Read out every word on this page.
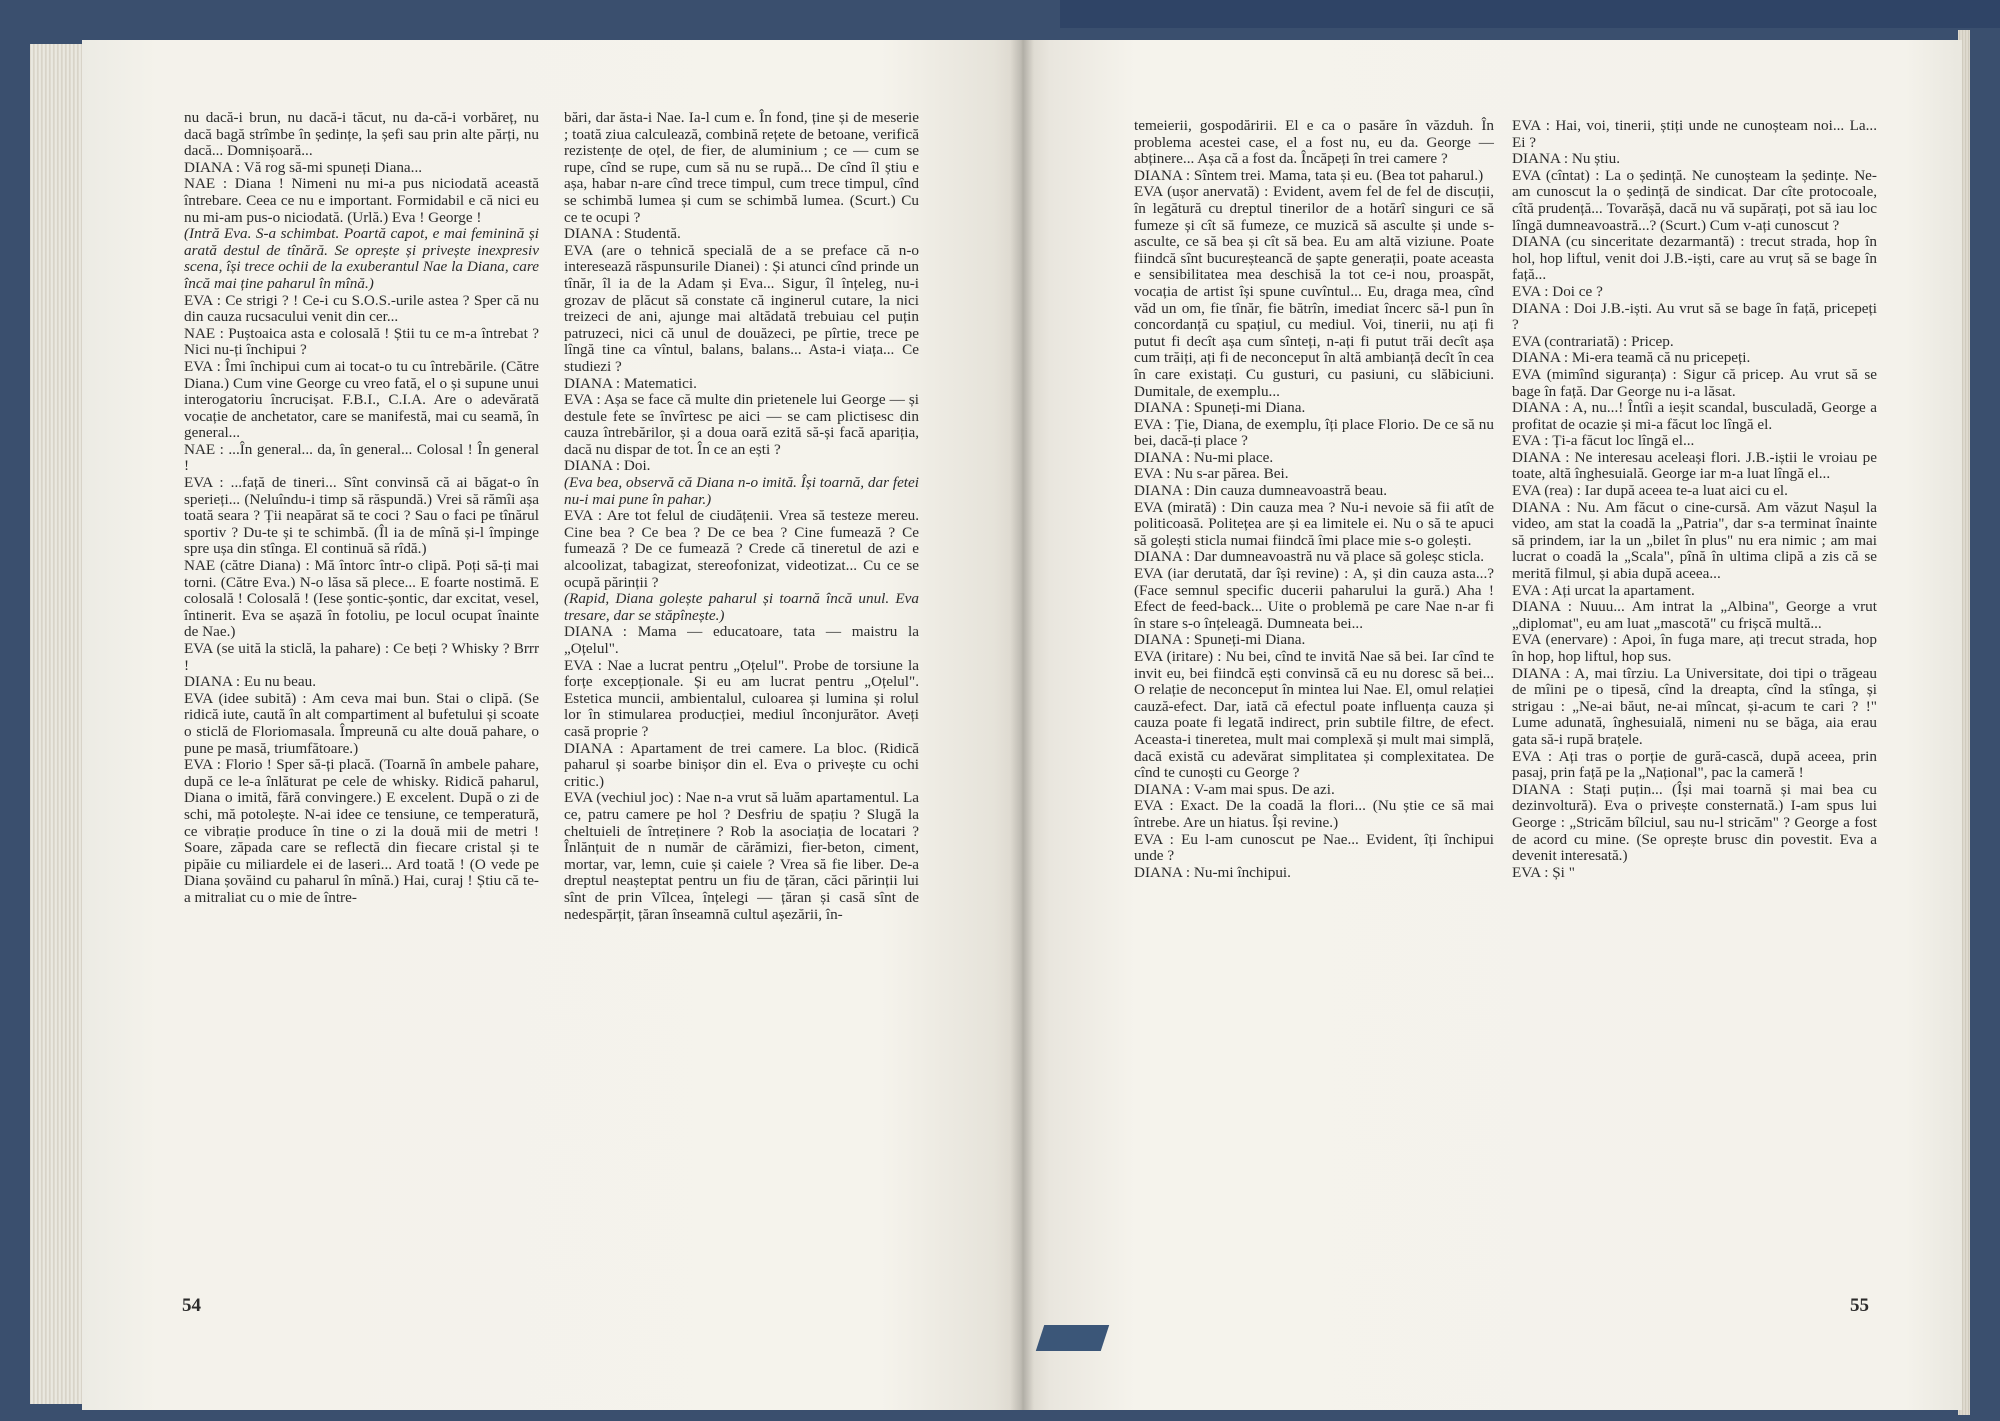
nu dacă-i brun, nu dacă-i tăcut, nu da-că-i vorbăreț, nu dacă bagă strîmbe în ședințe, la șefi sau prin alte părți, nu dacă... Domnișoară...

DIANA : Vă rog să-mi spuneți Diana...

NAE : Diana ! Nimeni nu mi-a pus niciodată această întrebare. Ceea ce nu e important. Formidabil e că nici eu nu mi-am pus-o niciodată. (Urlă.) Eva ! George !

(Intră Eva. S-a schimbat. Poartă capot, e mai feminină și arată destul de tînără. Se oprește și privește inexpresiv scena, își trece ochii de la exuberantul Nae la Diana, care încă mai ține paharul în mînă.)

EVA : Ce strigi ? ! Ce-i cu S.O.S.-urile astea ? Sper că nu din cauza rucsacului venit din cer...

NAE : Puștoaica asta e colosală ! Știi tu ce m-a întrebat ? Nici nu-ți închipui ?

EVA : Îmi închipui cum ai tocat-o tu cu întrebările. (Către Diana.) Cum vine George cu vreo fată, el o și supune unui interogatoriu încrucișat. F.B.I., C.I.A. Are o adevărată vocație de anchetator, care se manifestă, mai cu seamă, în general...

NAE : ...În general... da, în general... Colosal ! În general !

EVA : ...față de tineri... Sînt convinsă că ai băgat-o în sperieți... (Neluîndu-i timp să răspundă.) Vrei să rămîi așa toată seara ? Ții neapărat să te coci ? Sau o faci pe tînărul sportiv ? Du-te și te schimbă. (Îl ia de mînă și-l împinge spre ușa din stînga. El continuă să rîdă.)

NAE (către Diana) : Mă întorc într-o clipă. Poți să-ți mai torni. (Către Eva.) N-o lăsa să plece... E foarte nostimă. E colosală ! Colosală ! (Iese șontic-șontic, dar excitat, vesel, întinerit. Eva se așază în fotoliu, pe locul ocupat înainte de Nae.)

EVA (se uită la sticlă, la pahare) : Ce beți ? Whisky ? Brrr !

DIANA : Eu nu beau.

EVA (idee subită) : Am ceva mai bun. Stai o clipă. (Se ridică iute, caută în alt compartiment al bufetului și scoate o sticlă de Floriomasala. Împreună cu alte două pahare, o pune pe masă, triumfătoare.)

EVA : Florio ! Sper să-ți placă. (Toarnă în ambele pahare, după ce le-a înlăturat pe cele de whisky. Ridică paharul, Diana o imită, fără convingere.) E excelent. După o zi de schi, mă potolește. N-ai idee ce tensiune, ce temperatură, ce vibrație produce în tine o zi la două mii de metri ! Soare, zăpada care se reflectă din fiecare cristal și te pipăie cu miliardele ei de laseri... Ard toată ! (O vede pe Diana șovăind cu paharul în mînă.) Hai, curaj ! Știu că te-a mitraliat cu o mie de între-

bări, dar ăsta-i Nae. Ia-l cum e. În fond, ține și de meserie ; toată ziua calculează, combină rețete de betoane, verifică rezistențe de oțel, de fier, de aluminium ; ce — cum se rupe, cînd se rupe, cum să nu se rupă... De cînd îl știu e așa, habar n-are cînd trece timpul, cum trece timpul, cînd se schimbă lumea și cum se schimbă lumea. (Scurt.) Cu ce te ocupi ?

DIANA : Studentă.

EVA (are o tehnică specială de a se preface că n-o interesează răspunsurile Dianei) : Și atunci cînd prinde un tînăr, îl ia de la Adam și Eva... Sigur, îl înțeleg, nu-i grozav de plăcut să constate că inginerul cutare, la nici treizeci de ani, ajunge mai altădată trebuiau cel puțin patruzeci, nici că unul de douăzeci, pe pîrtie, trece pe lîngă tine ca vîntul, balans, balans... Asta-i viața... Ce studiezi ?

DIANA : Matematici.

EVA : Așa se face că multe din prietenele lui George — și destule fete se învîrtesc pe aici — se cam plictisesc din cauza întrebărilor, și a doua oară ezită să-și facă apariția, dacă nu dispar de tot. În ce an ești ?

DIANA : Doi.

(Eva bea, observă că Diana n-o imită. Își toarnă, dar fetei nu-i mai pune în pahar.)

EVA : Are tot felul de ciudățenii. Vrea să testeze mereu. Cine bea ? Ce bea ? De ce bea ? Cine fumează ? Ce fumează ? De ce fumează ? Crede că tineretul de azi e alcoolizat, tabagizat, stereofonizat, videotizat... Cu ce se ocupă părinții ?

(Rapid, Diana golește paharul și toarnă încă unul. Eva tresare, dar se stăpînește.)

DIANA : Mama — educatoare, tata — maistru la „Oțelul".

EVA : Nae a lucrat pentru „Oțelul". Probe de torsiune la forțe excepționale. Și eu am lucrat pentru „Oțelul". Estetica muncii, ambientalul, culoarea și lumina și rolul lor în stimularea producției, mediul înconjurător. Aveți casă proprie ?

DIANA : Apartament de trei camere. La bloc. (Ridică paharul și soarbe binișor din el. Eva o privește cu ochi critic.)

EVA (vechiul joc) : Nae n-a vrut să luăm apartamentul. La ce, patru camere pe hol ? Desfriu de spațiu ? Slugă la cheltuieli de întreținere ? Rob la asociația de locatari ? Înlănțuit de n număr de cărămizi, fier-beton, ciment, mortar, var, lemn, cuie și caiele ? Vrea să fie liber. De-a dreptul neașteptat pentru un fiu de țăran, căci părinții lui sînt de prin Vîlcea, înțelegi — țăran și casă sînt de nedespărțit, țăran înseamnă cultul așezării, în-

54

temeierii, gospodăririi. El e ca o pasăre în văzduh. În problema acestei case, el a fost nu, eu da. George — abținere... Așa că a fost da. Încăpeți în trei camere ?

DIANA : Sîntem trei. Mama, tata și eu. (Bea tot paharul.)

EVA (ușor anervată) : Evident, avem fel de fel de discuții, în legătură cu dreptul tinerilor de a hotărî singuri ce să fumeze și cît să fumeze, ce muzică să asculte și unde s-asculte, ce să bea și cît să bea. Eu am altă viziune. Poate fiindcă sînt bucureșteancă de șapte generații, poate aceasta e sensibilitatea mea deschisă la tot ce-i nou, proaspăt, vocația de artist își spune cuvîntul... Eu, draga mea, cînd văd un om, fie tînăr, fie bătrîn, imediat încerc să-l pun în concordanță cu spațiul, cu mediul. Voi, tinerii, nu ați fi putut fi decît așa cum sînteți, n-ați fi putut trăi decît așa cum trăiți, ați fi de neconceput în altă ambianță decît în cea în care existați. Cu gusturi, cu pasiuni, cu slăbiciuni. Dumitale, de exemplu...

DIANA : Spuneți-mi Diana.

EVA : Ție, Diana, de exemplu, îți place Florio. De ce să nu bei, dacă-ți place ?

DIANA : Nu-mi place.

EVA : Nu s-ar părea. Bei.

DIANA : Din cauza dumneavoastră beau.

EVA (mirată) : Din cauza mea ? Nu-i nevoie să fii atît de politicoasă. Politețea are și ea limitele ei. Nu o să te apuci să golești sticla numai fiindcă îmi place mie s-o golești.

DIANA : Dar dumneavoastră nu vă place să goleșc sticla.

EVA (iar derutată, dar își revine) : A, și din cauza asta...? (Face semnul specific ducerii paharului la gură.) Aha ! Efect de feed-back... Uite o problemă pe care Nae n-ar fi în stare s-o înțeleagă. Dumneata bei...

DIANA : Spuneți-mi Diana.

EVA (iritare) : Nu bei, cînd te invită Nae să bei. Iar cînd te invit eu, bei fiindcă ești convinsă că eu nu doresc să bei... O relație de neconceput în mintea lui Nae. El, omul relației cauză-efect. Dar, iată că efectul poate influența cauza și cauza poate fi legată indirect, prin subtile filtre, de efect. Aceasta-i tineretea, mult mai complexă și mult mai simplă, dacă există cu adevărat simplitatea și complexitatea. De cînd te cunoști cu George ?

DIANA : V-am mai spus. De azi.

EVA : Exact. De la coadă la flori... (Nu știe ce să mai întrebe. Are un hiatus. Își revine.)

EVA : Eu l-am cunoscut pe Nae... Evident, îți închipui unde ?

DIANA : Nu-mi închipui.

EVA : Hai, voi, tinerii, știți unde ne cunoșteam noi... La... Ei ?

DIANA : Nu știu.

EVA (cîntat) : La o ședință. Ne cunoșteam la ședințe. Ne-am cunoscut la o ședință de sindicat. Dar cîte protocoale, cîtă prudență... Tovarășă, dacă nu vă supărați, pot să iau loc lîngă dumneavoastră...? (Scurt.) Cum v-ați cunoscut ?

DIANA (cu sinceritate dezarmantă) : trecut strada, hop în hol, hop liftul, venit doi J.B.-iști, care au vruț să se bage în față...

EVA : Doi ce ?

DIANA : Doi J.B.-iști. Au vrut să se bage în față, pricepeți ?

EVA (contrariată) : Pricep.

DIANA : Mi-era teamă că nu pricepeți.

EVA (mimînd siguranța) : Sigur că pricep. Au vrut să se bage în față. Dar George nu i-a lăsat.

DIANA : A, nu...! Întîi a ieșit scandal, busculadă, George a profitat de ocazie și mi-a făcut loc lîngă el.

EVA : Ți-a făcut loc lîngă el...

DIANA : Ne interesau aceleași flori. J.B.-iștii le vroiau pe toate, altă înghesuială. George iar m-a luat lîngă el...

EVA (rea) : Iar după aceea te-a luat aici cu el.

DIANA : Nu. Am făcut o cine-cursă. Am văzut Nașul la video, am stat la coadă la „Patria", dar s-a terminat înainte să prindem, iar la un „bilet în plus" nu era nimic ; am mai lucrat o coadă la „Scala", pînă în ultima clipă a zis că se merită filmul, și abia după aceea...

EVA : Ați urcat la apartament.

DIANA : Nuuu... Am intrat la „Albina", George a vrut „diplomat", eu am luat „mascotă" cu frișcă multă...

EVA (enervare) : Apoi, în fuga mare, ați trecut strada, hop în hop, hop liftul, hop sus.

DIANA : A, mai tîrziu. La Universitate, doi tipi o trăgeau de mîini pe o tipesă, cînd la dreapta, cînd la stînga, și strigau : „Ne-ai băut, ne-ai mîncat, și-acum te cari ? !" Lume adunată, înghesuială, nimeni nu se băga, aia erau gata să-i rupă brațele.

EVA : Ați tras o porție de gură-cască, după aceea, prin pasaj, prin față pe la „Național", pac la cameră !

DIANA : Stați puțin... (Își mai toarnă și mai bea cu dezinvoltură). Eva o privește consternată.) I-am spus lui George : „Stricăm bîlciul, sau nu-l stricăm" ? George a fost de acord cu mine. (Se oprește brusc din povestit. Eva a devenit interesată.)

EVA : Și "

55
